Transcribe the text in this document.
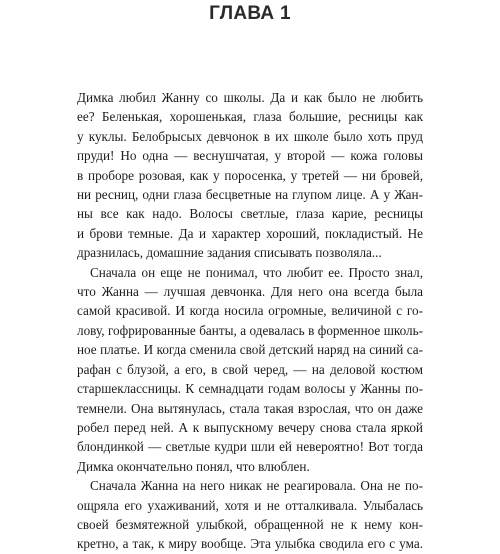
ГЛАВА 1

Димка любил Жанну со школы. Да и как было не любить
ее? Беленькая, хорошенькая, глаза большие, ресницы как
у куклы. Белобрысых девчонок в их школе было хоть пруд
пруди! Но одна — веснушчатая, у второй — кожа головы
в проборе розовая, как у поросенка, у третей — ни бровей,
ни ресниц, одни глаза бесцветные на глупом лице. А у Жан-
ны все как надо. Волосы светлые, глаза карие, ресницы
и брови темные. Да и характер хороший, покладистый. Не
дразнилась, домашние задания списывать позволяла...

Сначала он еще не понимал, что любит ее. Просто знал,
что Жанна — лучшая девчонка. Для него она всегда была
самой красивой. И когда носила огромные, величиной с го-
лову, гофрированные банты, а одевалась в форменное школь-
ное платье. И когда сменила свой детский наряд на синий са-
рафан с блузой, а его, в свой черед, — на деловой костюм
старшеклассницы. К семнадцати годам волосы у Жанны по-
темнели. Она вытянулась, стала такая взрослая, что он даже
робел перед ней. А к выпускному вечеру снова стала яркой
блондинкой — светлые кудри шли ей невероятно! Вот тогда
Димка окончательно понял, что влюблен.

Сначала Жанна на него никак не реагировала. Она не по-
ощряла его ухаживаний, хотя и не отталкивала. Улыбалась
своей безмятежной улыбкой, обращенной не к нему кон-
кретно, а так, к миру вообще. Эта улыбка сводила его с ума.
